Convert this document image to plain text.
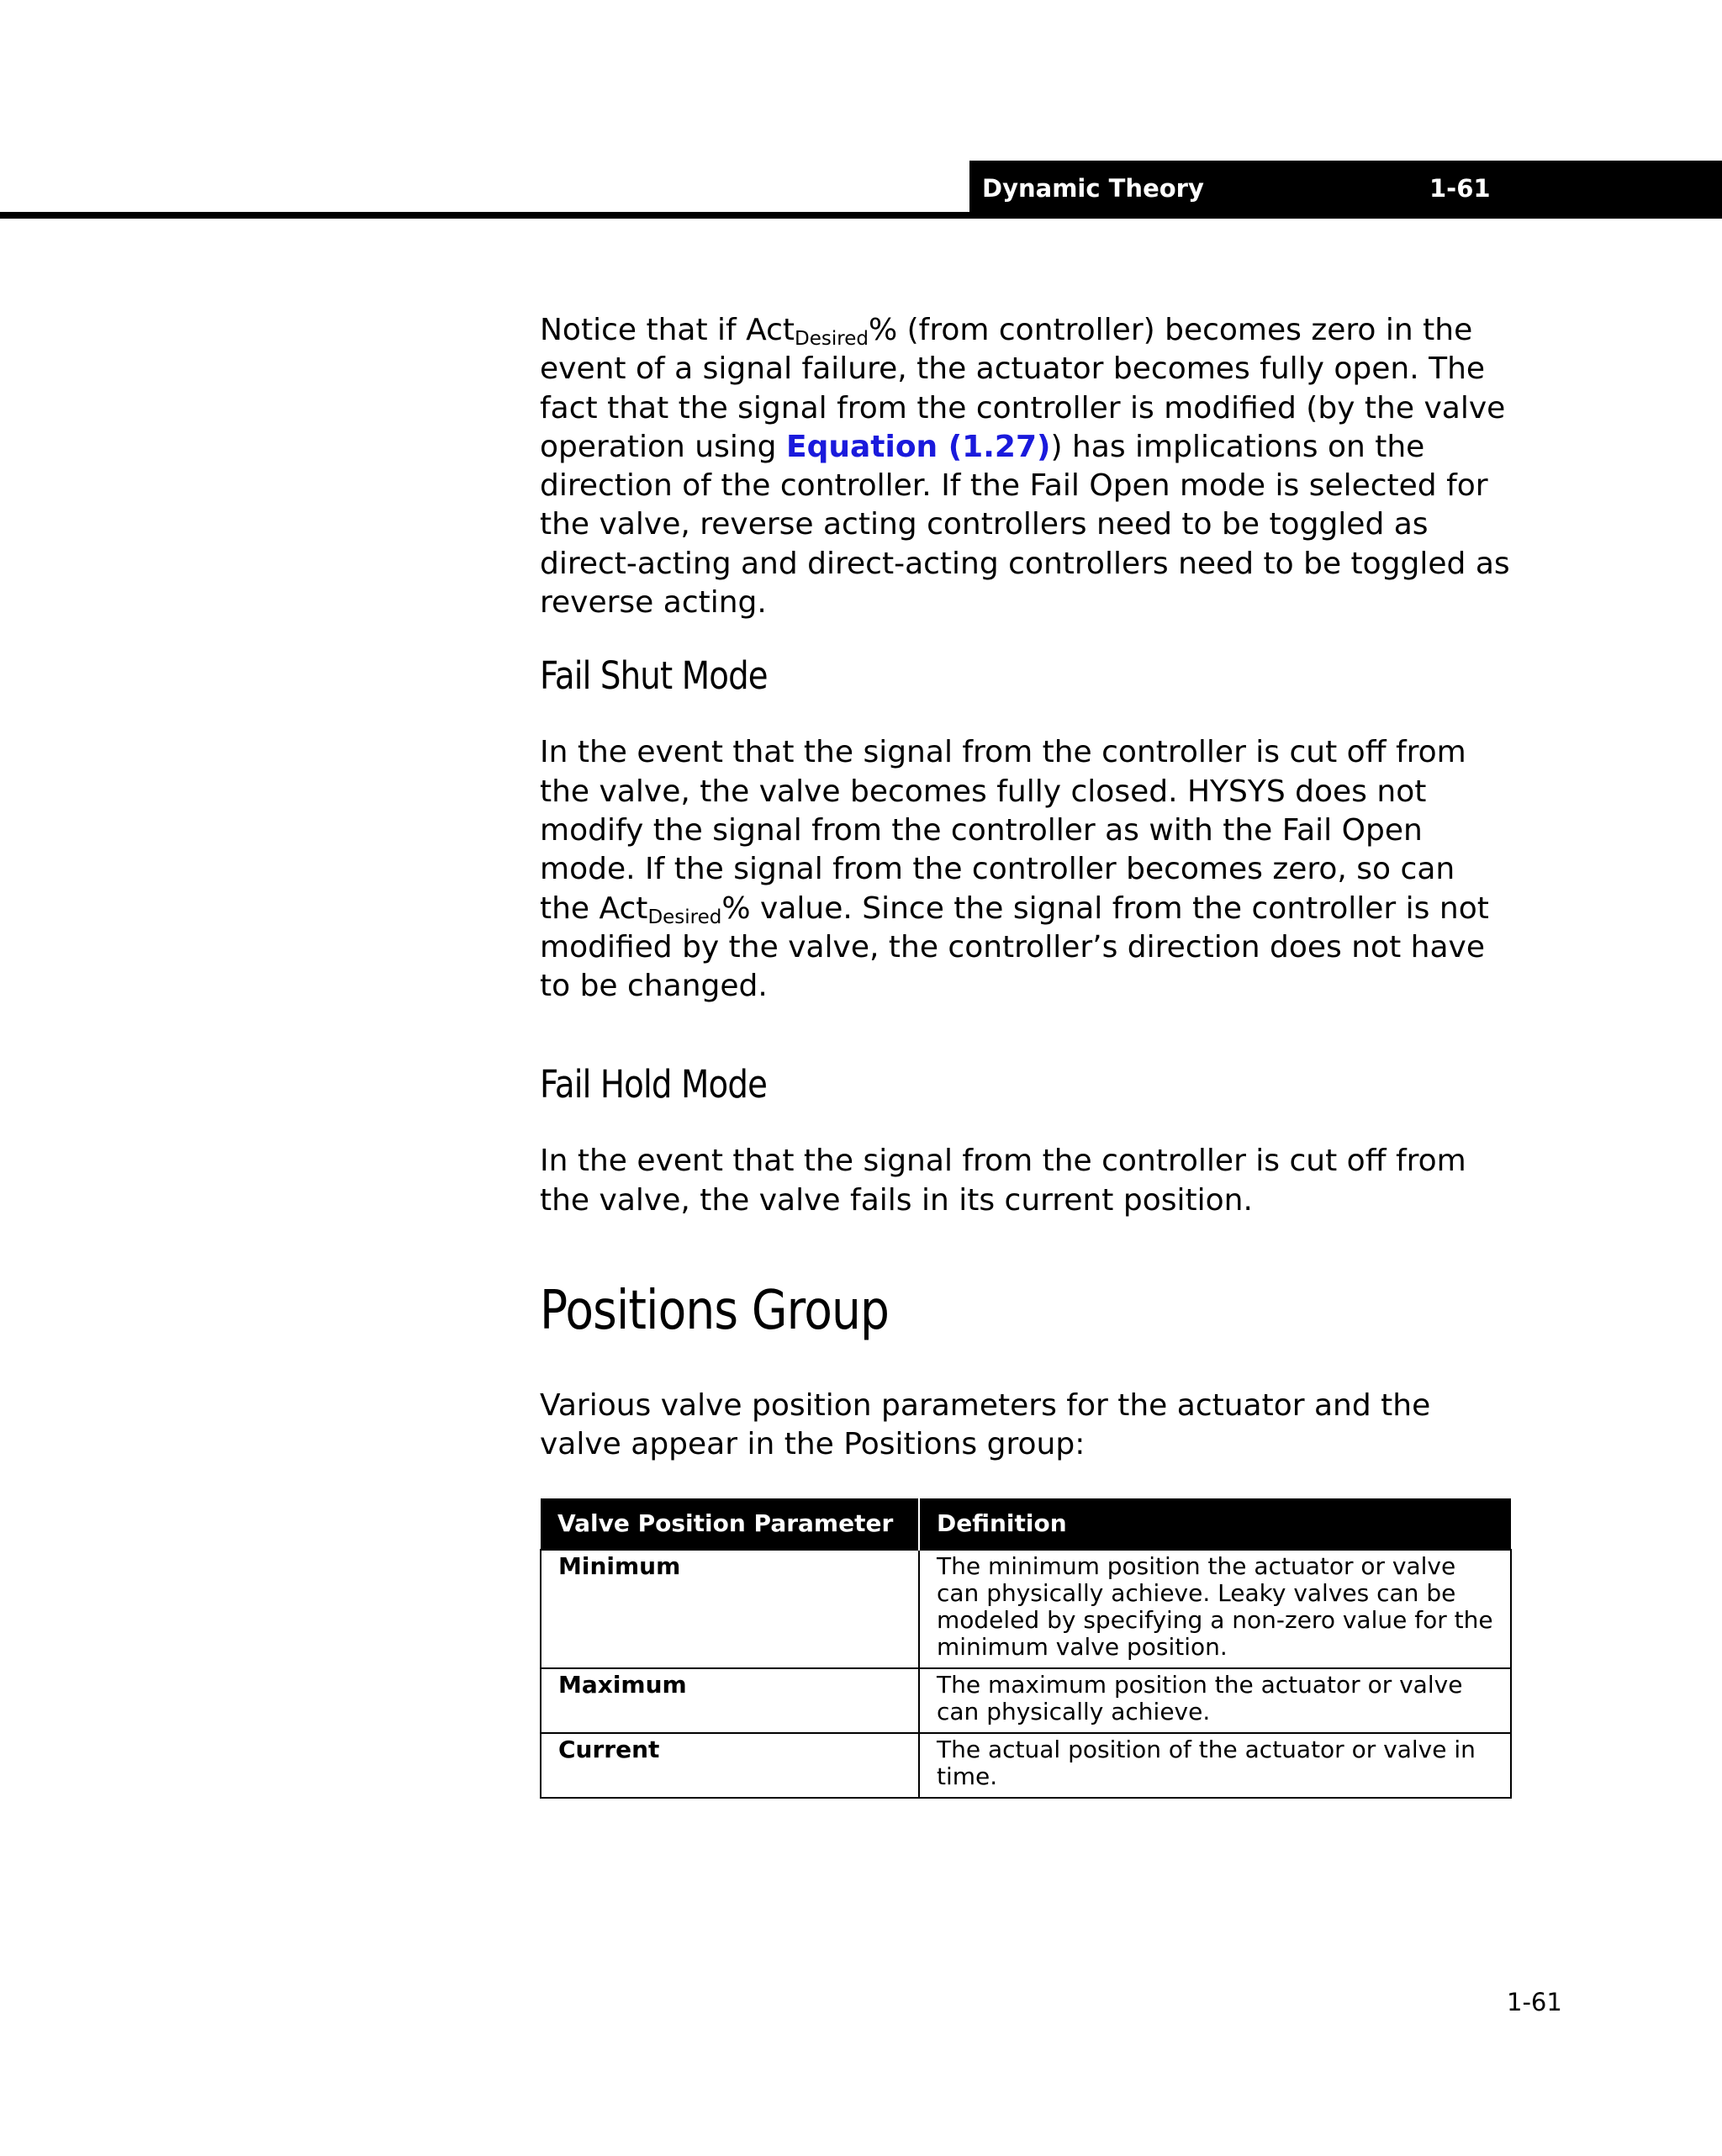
Dynamic Theory	1-61

Notice that if Act$_{Desired}$% (from controller) becomes zero in the event of a signal failure, the actuator becomes fully open. The fact that the signal from the controller is modified (by the valve operation using Equation (1.27)) has implications on the direction of the controller. If the Fail Open mode is selected for the valve, reverse acting controllers need to be toggled as direct-acting and direct-acting controllers need to be toggled as reverse acting.

Fail Shut Mode

In the event that the signal from the controller is cut off from the valve, the valve becomes fully closed. HYSYS does not modify the signal from the controller as with the Fail Open mode. If the signal from the controller becomes zero, so can the Act$_{Desired}$% value. Since the signal from the controller is not modified by the valve, the controller’s direction does not have to be changed.

Fail Hold Mode

In the event that the signal from the controller is cut off from the valve, the valve fails in its current position.

Positions Group

Various valve position parameters for the actuator and the valve appear in the Positions group:

Valve Position Parameter	Definition
Minimum	The minimum position the actuator or valve can physically achieve. Leaky valves can be modeled by specifying a non-zero value for the minimum valve position.
Maximum	The maximum position the actuator or valve can physically achieve.
Current	The actual position of the actuator or valve in time.
1-61
